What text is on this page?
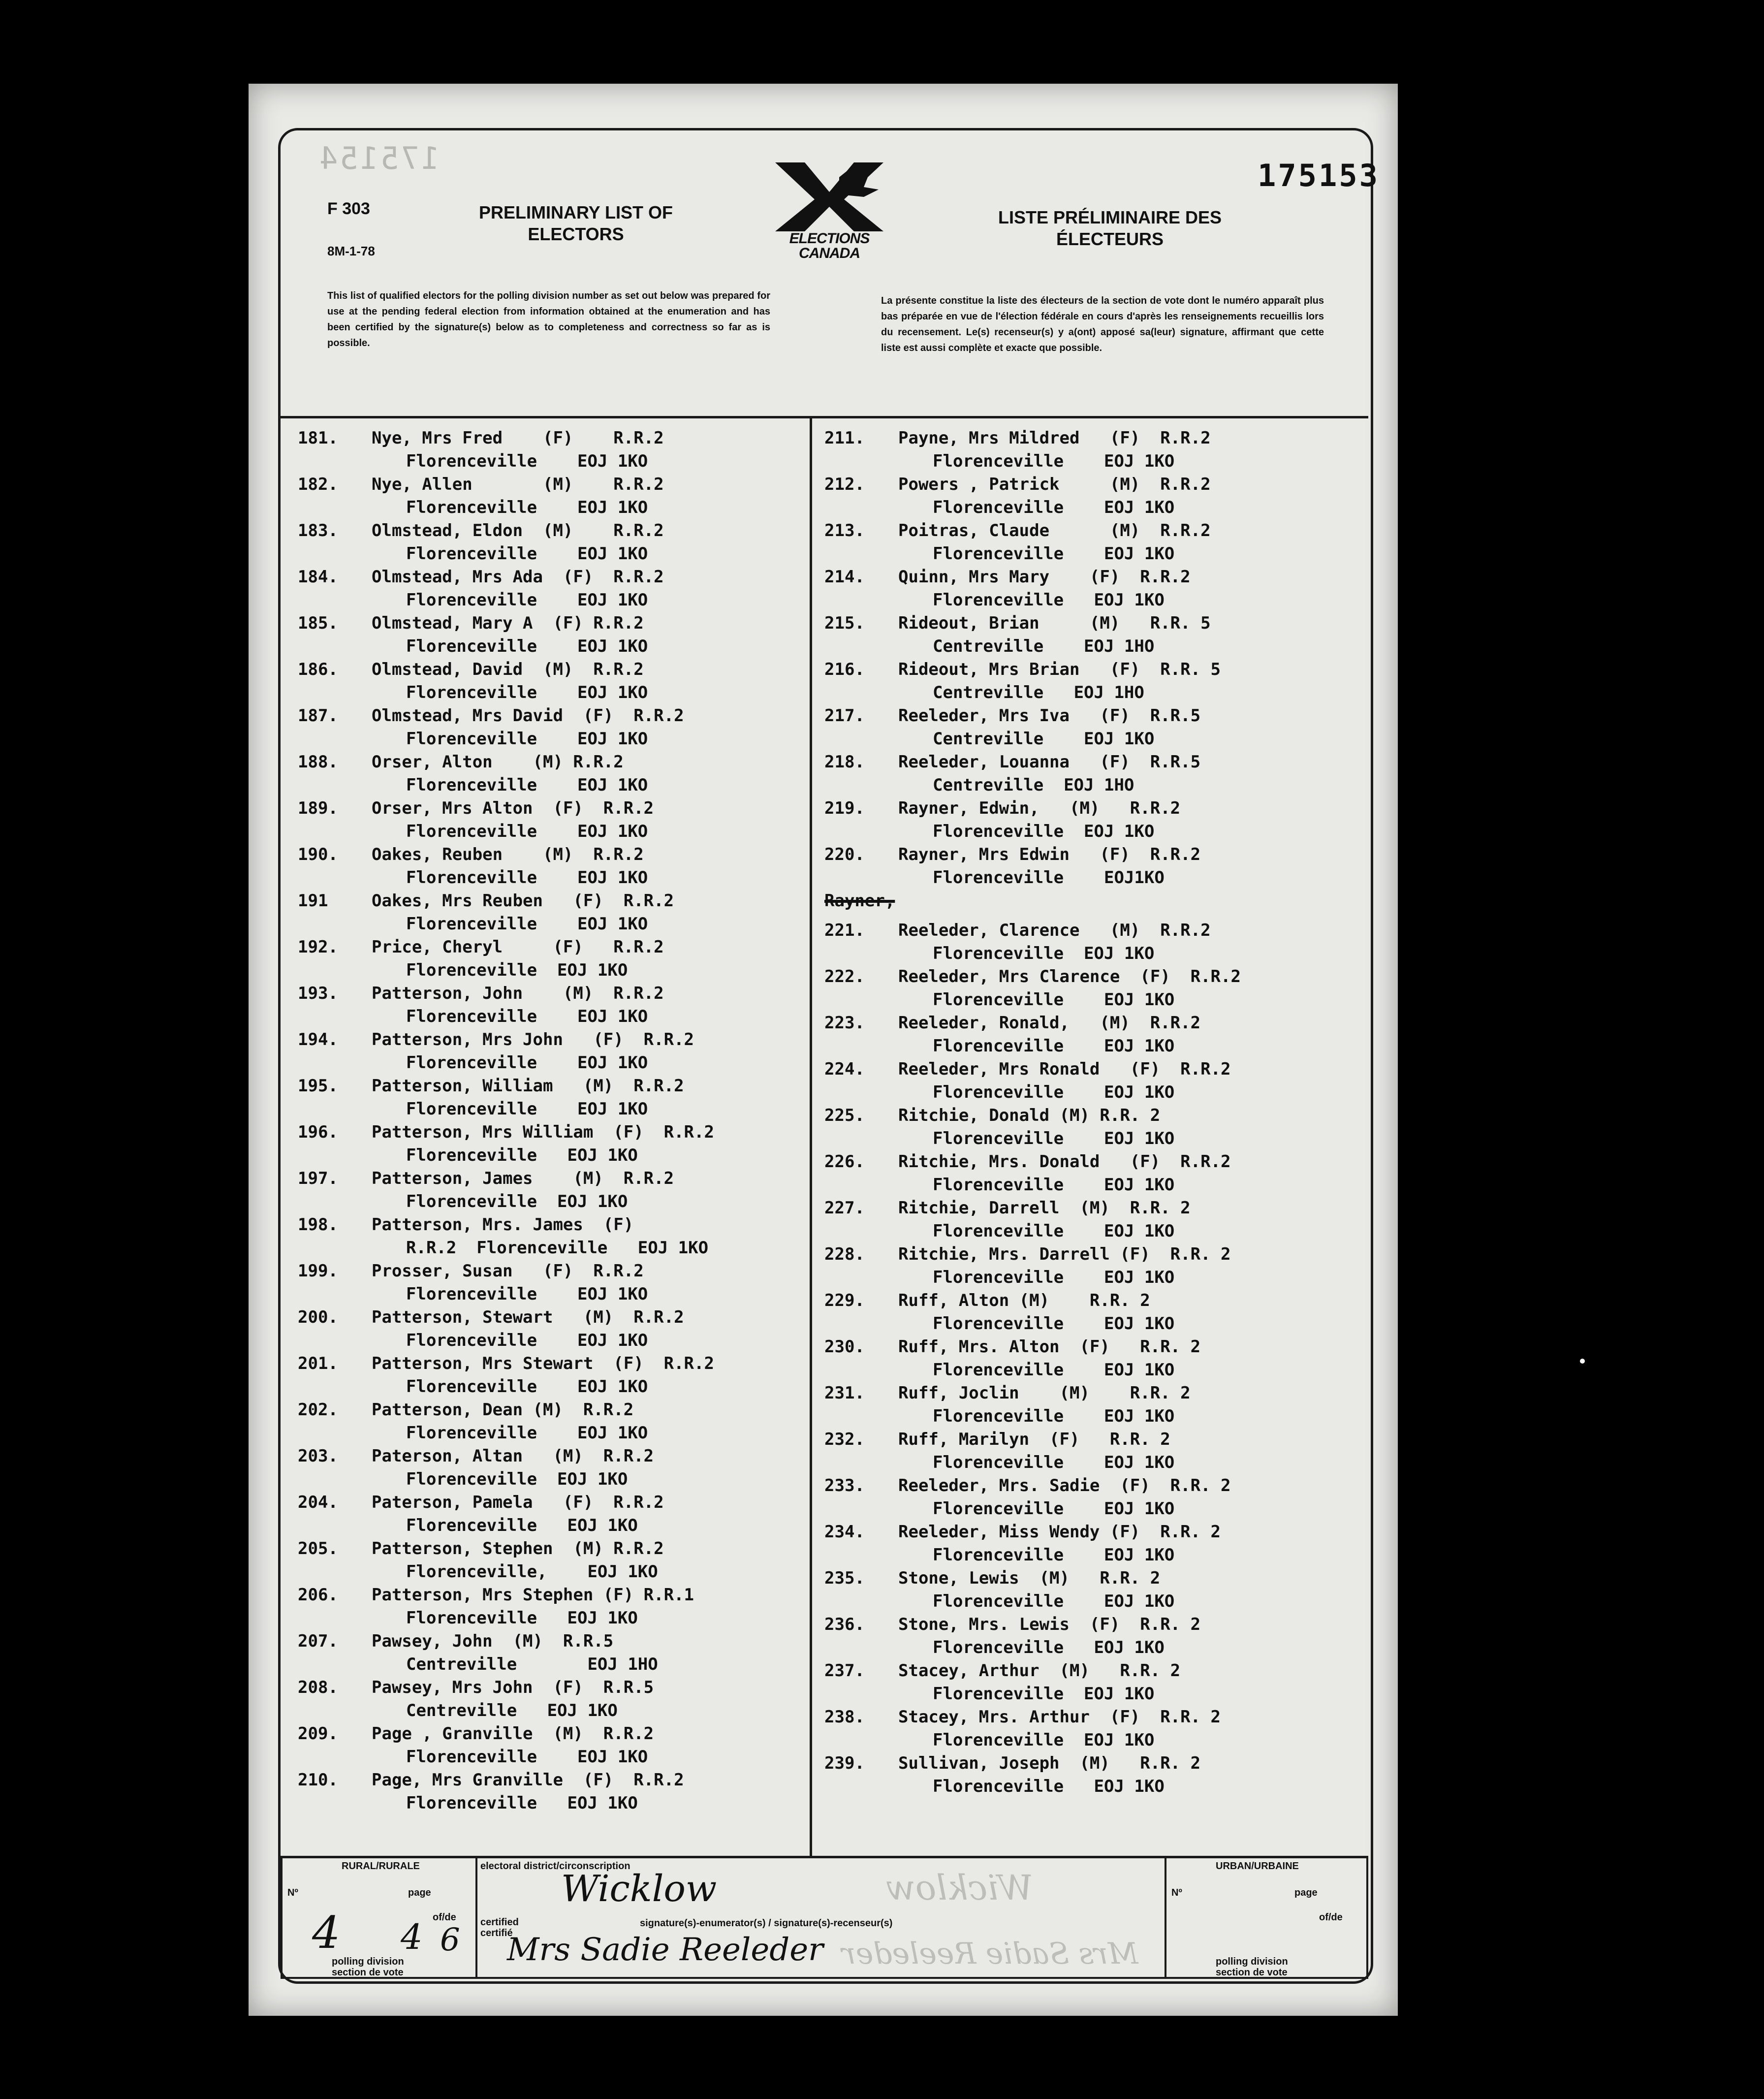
175154	175153
F 303
8M-1-78
PRELIMINARY LIST OF
ELECTORS	ELECTIONS
CANADA
LISTE PRÉLIMINAIRE DES
ÉLECTEURS
This list of qualified electors for the polling division number as set out below was prepared for use at the pending federal election from information obtained at the enumeration and has been certified by the signature(s) below as to completeness and correctness so far as is possible.
La présente constitue la liste des électeurs de la section de vote dont le numéro apparaît plus bas préparée en vue de l'élection fédérale en cours d'après les renseignements recueillis lors du recensement. Le(s) recenseur(s) y a(ont) apposé sa(leur) signature, affirmant que cette liste est aussi complète et exacte que possible.
181.	Nye, Mrs Fred    (F)    R.R.2
Florenceville    EOJ 1KO
182.	Nye, Allen       (M)    R.R.2
Florenceville    EOJ 1KO
183.	Olmstead, Eldon  (M)    R.R.2
Florenceville    EOJ 1KO
184.	Olmstead, Mrs Ada  (F)  R.R.2
Florenceville    EOJ 1KO
185.	Olmstead, Mary A  (F) R.R.2
Florenceville    EOJ 1KO
186.	Olmstead, David  (M)  R.R.2
Florenceville    EOJ 1KO
187.	Olmstead, Mrs David  (F)  R.R.2
Florenceville    EOJ 1KO
188.	Orser, Alton    (M) R.R.2
Florenceville    EOJ 1KO
189.	Orser, Mrs Alton  (F)  R.R.2
Florenceville    EOJ 1KO
190.	Oakes, Reuben    (M)  R.R.2
Florenceville    EOJ 1KO
191	Oakes, Mrs Reuben   (F)  R.R.2
Florenceville    EOJ 1KO
192.	Price, Cheryl     (F)   R.R.2
Florenceville  EOJ 1KO
193.	Patterson, John    (M)  R.R.2
Florenceville    EOJ 1KO
194.	Patterson, Mrs John   (F)  R.R.2
Florenceville    EOJ 1KO
195.	Patterson, William   (M)  R.R.2
Florenceville    EOJ 1KO
196.	Patterson, Mrs William  (F)  R.R.2
Florenceville   EOJ 1KO
197.	Patterson, James    (M)  R.R.2
Florenceville  EOJ 1KO
198.	Patterson, Mrs. James  (F)
R.R.2  Florenceville   EOJ 1KO
199.	Prosser, Susan   (F)  R.R.2
Florenceville    EOJ 1KO
200.	Patterson, Stewart   (M)  R.R.2
Florenceville    EOJ 1KO
201.	Patterson, Mrs Stewart  (F)  R.R.2
Florenceville    EOJ 1KO
202.	Patterson, Dean (M)  R.R.2
Florenceville    EOJ 1KO
203.	Paterson, Altan   (M)  R.R.2
Florenceville  EOJ 1KO
204.	Paterson, Pamela   (F)  R.R.2
Florenceville   EOJ 1KO
205.	Patterson, Stephen  (M) R.R.2
Florenceville,    EOJ 1KO
206.	Patterson, Mrs Stephen (F) R.R.1
Florenceville   EOJ 1KO
207.	Pawsey, John  (M)  R.R.5
Centreville       EOJ 1HO
208.	Pawsey, Mrs John  (F)  R.R.5
Centreville   EOJ 1KO
209.	Page , Granville  (M)  R.R.2
Florenceville    EOJ 1KO
210.	Page, Mrs Granville  (F)  R.R.2
Florenceville   EOJ 1KO
211.	Payne, Mrs Mildred   (F)  R.R.2
Florenceville    EOJ 1KO
212.	Powers , Patrick     (M)  R.R.2
Florenceville    EOJ 1KO
213.	Poitras, Claude      (M)  R.R.2
Florenceville    EOJ 1KO
214.	Quinn, Mrs Mary    (F)  R.R.2
Florenceville   EOJ 1KO
215.	Rideout, Brian     (M)   R.R. 5
Centreville    EOJ 1HO
216.	Rideout, Mrs Brian   (F)  R.R. 5
Centreville   EOJ 1HO
217.	Reeleder, Mrs Iva   (F)  R.R.5
Centreville    EOJ 1KO
218.	Reeleder, Louanna   (F)  R.R.5
Centreville  EOJ 1HO
219.	Rayner, Edwin,   (M)   R.R.2
Florenceville  EOJ 1KO
220.	Rayner, Mrs Edwin   (F)  R.R.2
Florenceville    EOJ1KO
Rayner,
221.	Reeleder, Clarence   (M)  R.R.2
Florenceville  EOJ 1KO
222.	Reeleder, Mrs Clarence  (F)  R.R.2
Florenceville    EOJ 1KO
223.	Reeleder, Ronald,   (M)  R.R.2
Florenceville    EOJ 1KO
224.	Reeleder, Mrs Ronald   (F)  R.R.2
Florenceville    EOJ 1KO
225.	Ritchie, Donald (M) R.R. 2
Florenceville    EOJ 1KO
226.	Ritchie, Mrs. Donald   (F)  R.R.2
Florenceville    EOJ 1KO
227.	Ritchie, Darrell  (M)  R.R. 2
Florenceville    EOJ 1KO
228.	Ritchie, Mrs. Darrell (F)  R.R. 2
Florenceville    EOJ 1KO
229.	Ruff, Alton (M)    R.R. 2
Florenceville    EOJ 1KO
230.	Ruff, Mrs. Alton  (F)   R.R. 2
Florenceville    EOJ 1KO
231.	Ruff, Joclin    (M)    R.R. 2
Florenceville    EOJ 1KO
232.	Ruff, Marilyn  (F)   R.R. 2
Florenceville    EOJ 1KO
233.	Reeleder, Mrs. Sadie  (F)  R.R. 2
Florenceville    EOJ 1KO
234.	Reeleder, Miss Wendy (F)  R.R. 2
Florenceville    EOJ 1KO
235.	Stone, Lewis  (M)   R.R. 2
Florenceville    EOJ 1KO
236.	Stone, Mrs. Lewis  (F)  R.R. 2
Florenceville   EOJ 1KO
237.	Stacey, Arthur  (M)   R.R. 2
Florenceville  EOJ 1KO
238.	Stacey, Mrs. Arthur  (F)  R.R. 2
Florenceville  EOJ 1KO
239.	Sullivan, Joseph  (M)   R.R. 2
Florenceville   EOJ 1KO
RURAL/RURALE
Nº	page
of/de
4 4 6
polling division
section de vote
electoral district/circonscription
Wicklow	Wicklow
certified
certifié
signature(s)-enumerator(s) / signature(s)-recenseur(s)
Mrs Sadie Reeleder Mrs Sadie Reeleder
URBAN/URBAINE
Nº	page
of/de
polling division
section de vote
